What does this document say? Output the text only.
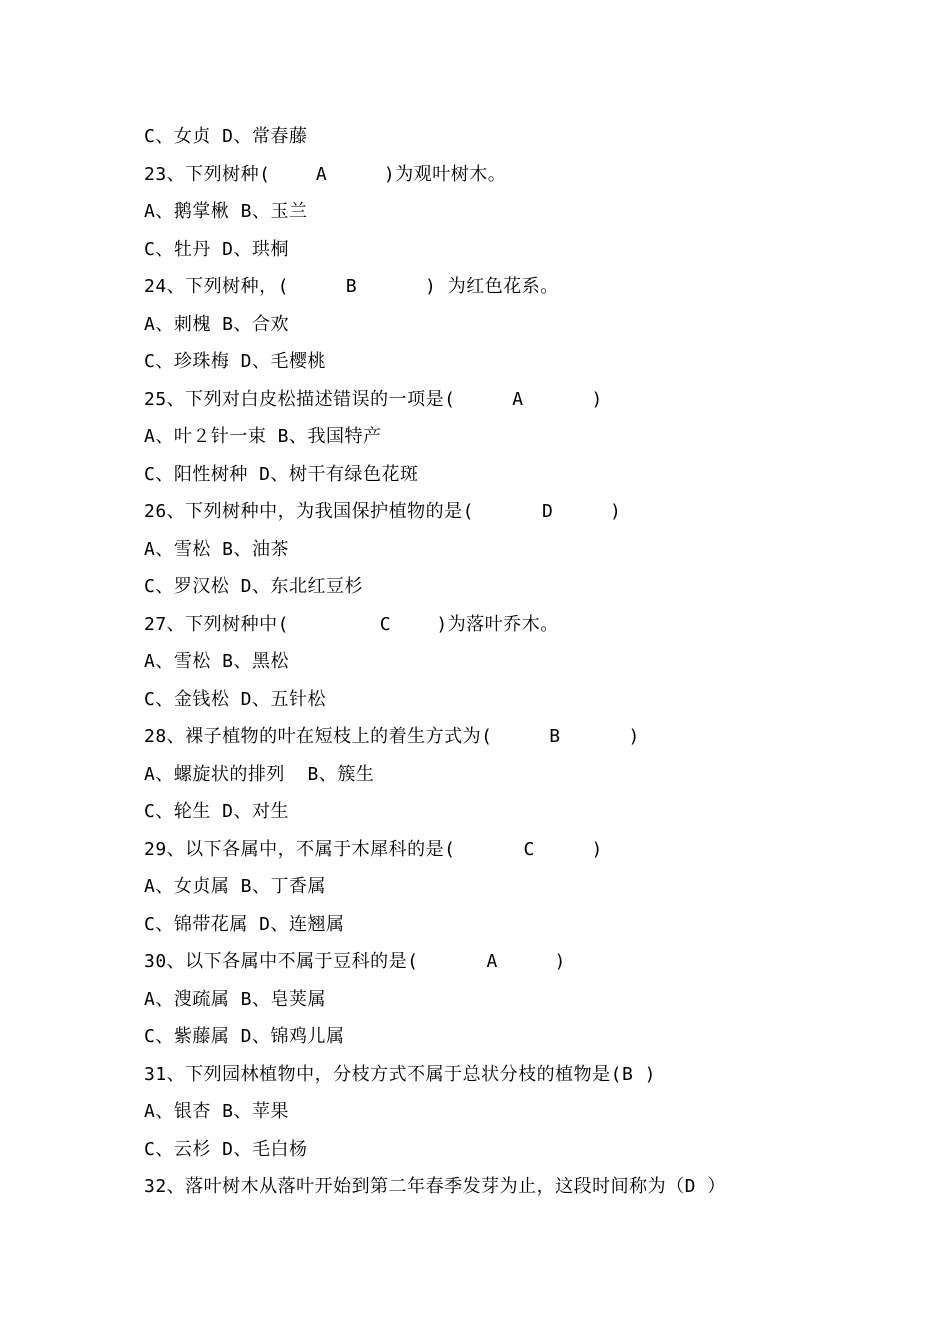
C、女贞 D、常春藤
23、下列树种(    A     )为观叶树木。
A、鹅掌楸 B、玉兰
C、牡丹 D、珙桐
24、下列树种，(     B      ) 为红色花系。
A、刺槐 B、合欢
C、珍珠梅 D、毛樱桃
25、下列对白皮松描述错误的一项是(     A      )
A、叶２针一束 B、我国特产
C、阳性树种 D、树干有绿色花斑
26、下列树种中，为我国保护植物的是(      D     )
A、雪松 B、油茶
C、罗汉松 D、东北红豆杉
27、下列树种中(        C    )为落叶乔木。
A、雪松 B、黑松
C、金钱松 D、五针松
28、裸子植物的叶在短枝上的着生方式为(     B      )
A、螺旋状的排列  B、簇生
C、轮生 D、对生
29、以下各属中，不属于木犀科的是(      C     )
A、女贞属 B、丁香属
C、锦带花属 D、连翘属
30、以下各属中不属于豆科的是(      A     )
A、溲疏属 B、皂荚属
C、紫藤属 D、锦鸡儿属
31、下列园林植物中，分枝方式不属于总状分枝的植物是(B )
A、银杏 B、苹果
C、云杉 D、毛白杨
32、落叶树木从落叶开始到第二年春季发芽为止，这段时间称为（D ）
